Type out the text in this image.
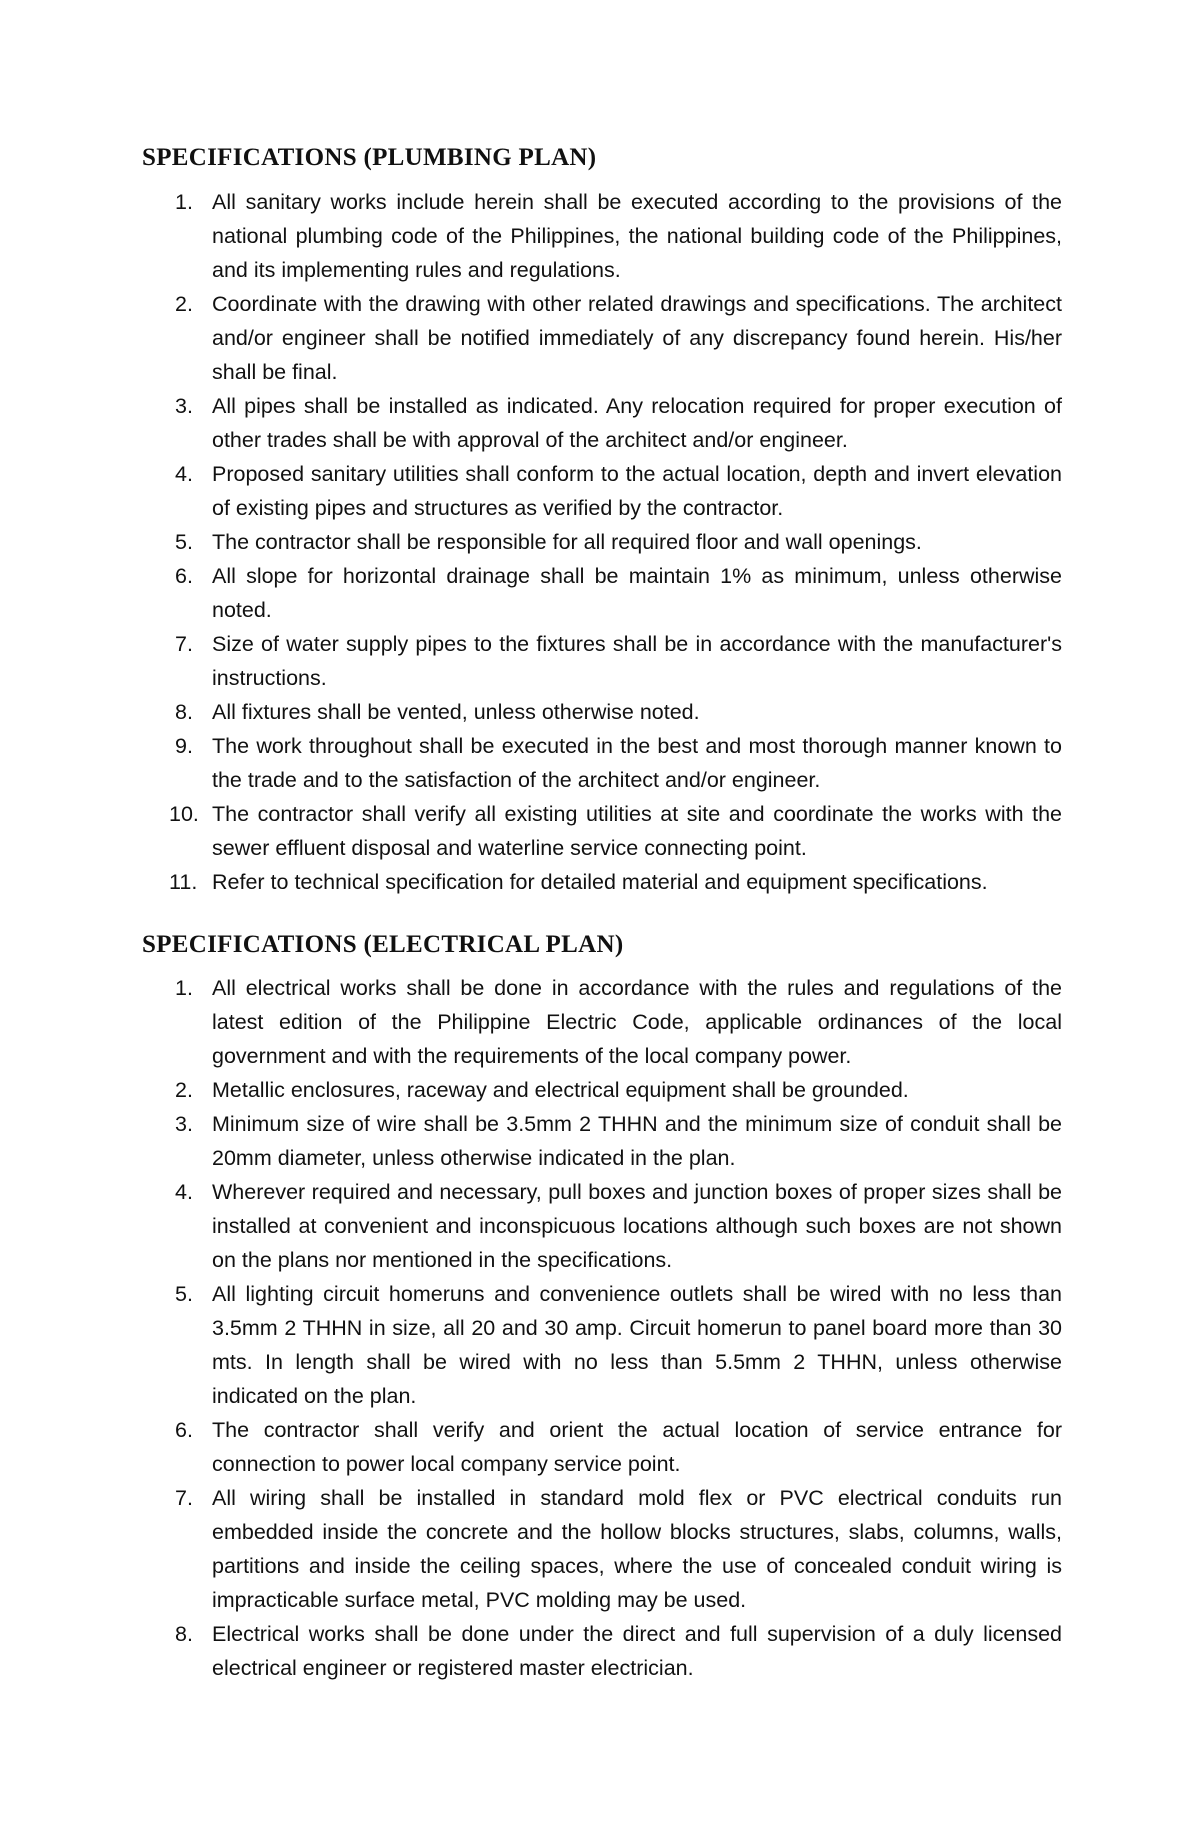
SPECIFICATIONS (PLUMBING PLAN)
1. All sanitary works include herein shall be executed according to the provisions of the national plumbing code of the Philippines, the national building code of the Philippines, and its implementing rules and regulations.
2. Coordinate with the drawing with other related drawings and specifications. The architect and/or engineer shall be notified immediately of any discrepancy found herein. His/her shall be final.
3. All pipes shall be installed as indicated. Any relocation required for proper execution of other trades shall be with approval of the architect and/or engineer.
4. Proposed sanitary utilities shall conform to the actual location, depth and invert elevation of existing pipes and structures as verified by the contractor.
5. The contractor shall be responsible for all required floor and wall openings.
6. All slope for horizontal drainage shall be maintain 1% as minimum, unless otherwise noted.
7. Size of water supply pipes to the fixtures shall be in accordance with the manufacturer's instructions.
8. All fixtures shall be vented, unless otherwise noted.
9. The work throughout shall be executed in the best and most thorough manner known to the trade and to the satisfaction of the architect and/or engineer.
10. The contractor shall verify all existing utilities at site and coordinate the works with the sewer effluent disposal and waterline service connecting point.
11. Refer to technical specification for detailed material and equipment specifications.
SPECIFICATIONS (ELECTRICAL PLAN)
1. All electrical works shall be done in accordance with the rules and regulations of the latest edition of the Philippine Electric Code, applicable ordinances of the local government and with the requirements of the local company power.
2. Metallic enclosures, raceway and electrical equipment shall be grounded.
3. Minimum size of wire shall be 3.5mm 2 THHN and the minimum size of conduit shall be 20mm diameter, unless otherwise indicated in the plan.
4. Wherever required and necessary, pull boxes and junction boxes of proper sizes shall be installed at convenient and inconspicuous locations although such boxes are not shown on the plans nor mentioned in the specifications.
5. All lighting circuit homeruns and convenience outlets shall be wired with no less than 3.5mm 2 THHN in size, all 20 and 30 amp. Circuit homerun to panel board more than 30 mts. In length shall be wired with no less than 5.5mm 2 THHN, unless otherwise indicated on the plan.
6. The contractor shall verify and orient the actual location of service entrance for connection to power local company service point.
7. All wiring shall be installed in standard mold flex or PVC electrical conduits run embedded inside the concrete and the hollow blocks structures, slabs, columns, walls, partitions and inside the ceiling spaces, where the use of concealed conduit wiring is impracticable surface metal, PVC molding may be used.
8. Electrical works shall be done under the direct and full supervision of a duly licensed electrical engineer or registered master electrician.
